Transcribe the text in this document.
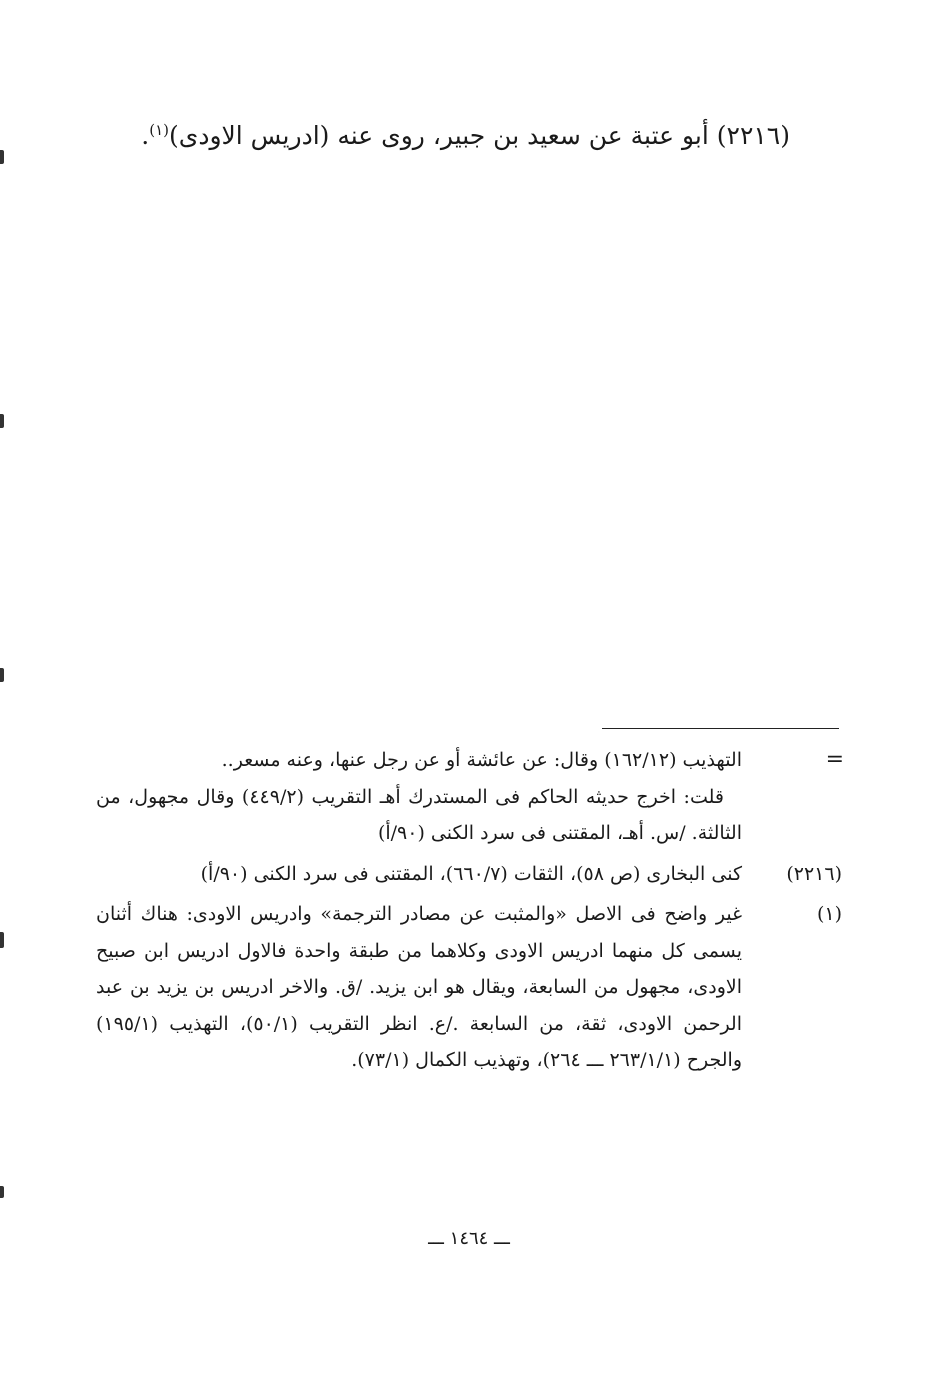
(٢٢١٦) أبو عتبة عن سعيد بن جبير، روى عنه (ادريس الاودى)$^{(١)}$.
=

التهذيب (١٦٢/١٢) وقال: عن عائشة أو عن رجل عنها، وعنه مسعر..

قلت: اخرج حديثه الحاكم فى المستدرك أهـ التقريب (٤٤٩/٢) وقال مجهول، من الثالثة. /س. أهـ، المقتنى فى سرد الكنى (٩٠/أ)

(٢٢١٦)

كنى البخارى (ص ٥٨)، الثقات (٦٦٠/٧)، المقتنى فى سرد الكنى (٩٠/أ)

(١)

غير واضح فى الاصل «والمثبت عن مصادر الترجمة» وادريس الاودى: هناك أثنان يسمى كل منهما ادريس الاودى وكلاهما من طبقة واحدة فالاول ادريس ابن صبيح الاودى، مجهول من السابعة، ويقال هو ابن يزيد. /ق. والاخر ادريس بن يزيد بن عبد الرحمن الاودى، ثقة، من السابعة ./ع. انظر التقريب (٥٠/١)، التهذيب (١٩٥/١) والجرح (٢٦٣/١/١ ـــ ٢٦٤)، وتهذيب الكمال (٧٣/١).

ـــ ١٤٦٤ ـــ
